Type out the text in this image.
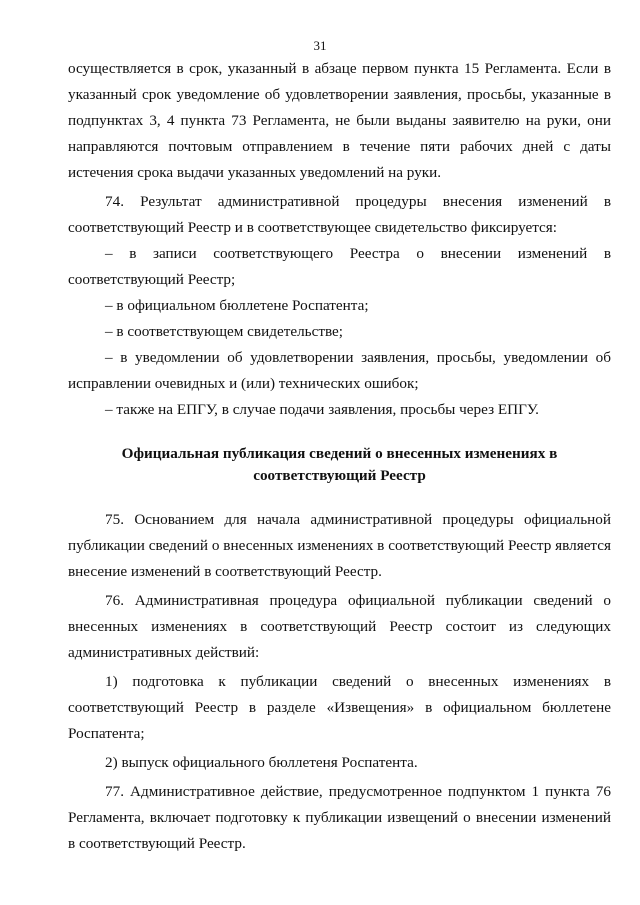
31

осуществляется в срок, указанный в абзаце первом пункта 15 Регламента. Если в указанный срок уведомление об удовлетворении заявления, просьбы, указанные в подпунктах 3, 4 пункта 73 Регламента, не были выданы заявителю на руки, они направляются почтовым отправлением в течение пяти рабочих дней с даты истечения срока выдачи указанных уведомлений на руки.

74. Результат административной процедуры внесения изменений в соответствующий Реестр и в соответствующее свидетельство фиксируется:

– в записи соответствующего Реестра о внесении изменений в соответствующий Реестр;

– в официальном бюллетене Роспатента;

– в соответствующем свидетельстве;

– в уведомлении об удовлетворении заявления, просьбы, уведомлении об исправлении очевидных и (или) технических ошибок;

– также на ЕПГУ, в случае подачи заявления, просьбы через ЕПГУ.

Официальная публикация сведений о внесенных изменениях в
соответствующий Реестр

75. Основанием для начала административной процедуры официальной публикации сведений о внесенных изменениях в соответствующий Реестр является внесение изменений в соответствующий Реестр.

76. Административная процедура официальной публикации сведений о внесенных изменениях в соответствующий Реестр состоит из следующих административных действий:

1) подготовка к публикации сведений о внесенных изменениях в соответствующий Реестр в разделе «Извещения» в официальном бюллетене Роспатента;

2) выпуск официального бюллетеня Роспатента.

77. Административное действие, предусмотренное подпунктом 1 пункта 76 Регламента, включает подготовку к публикации извещений о внесении изменений в соответствующий Реестр.
